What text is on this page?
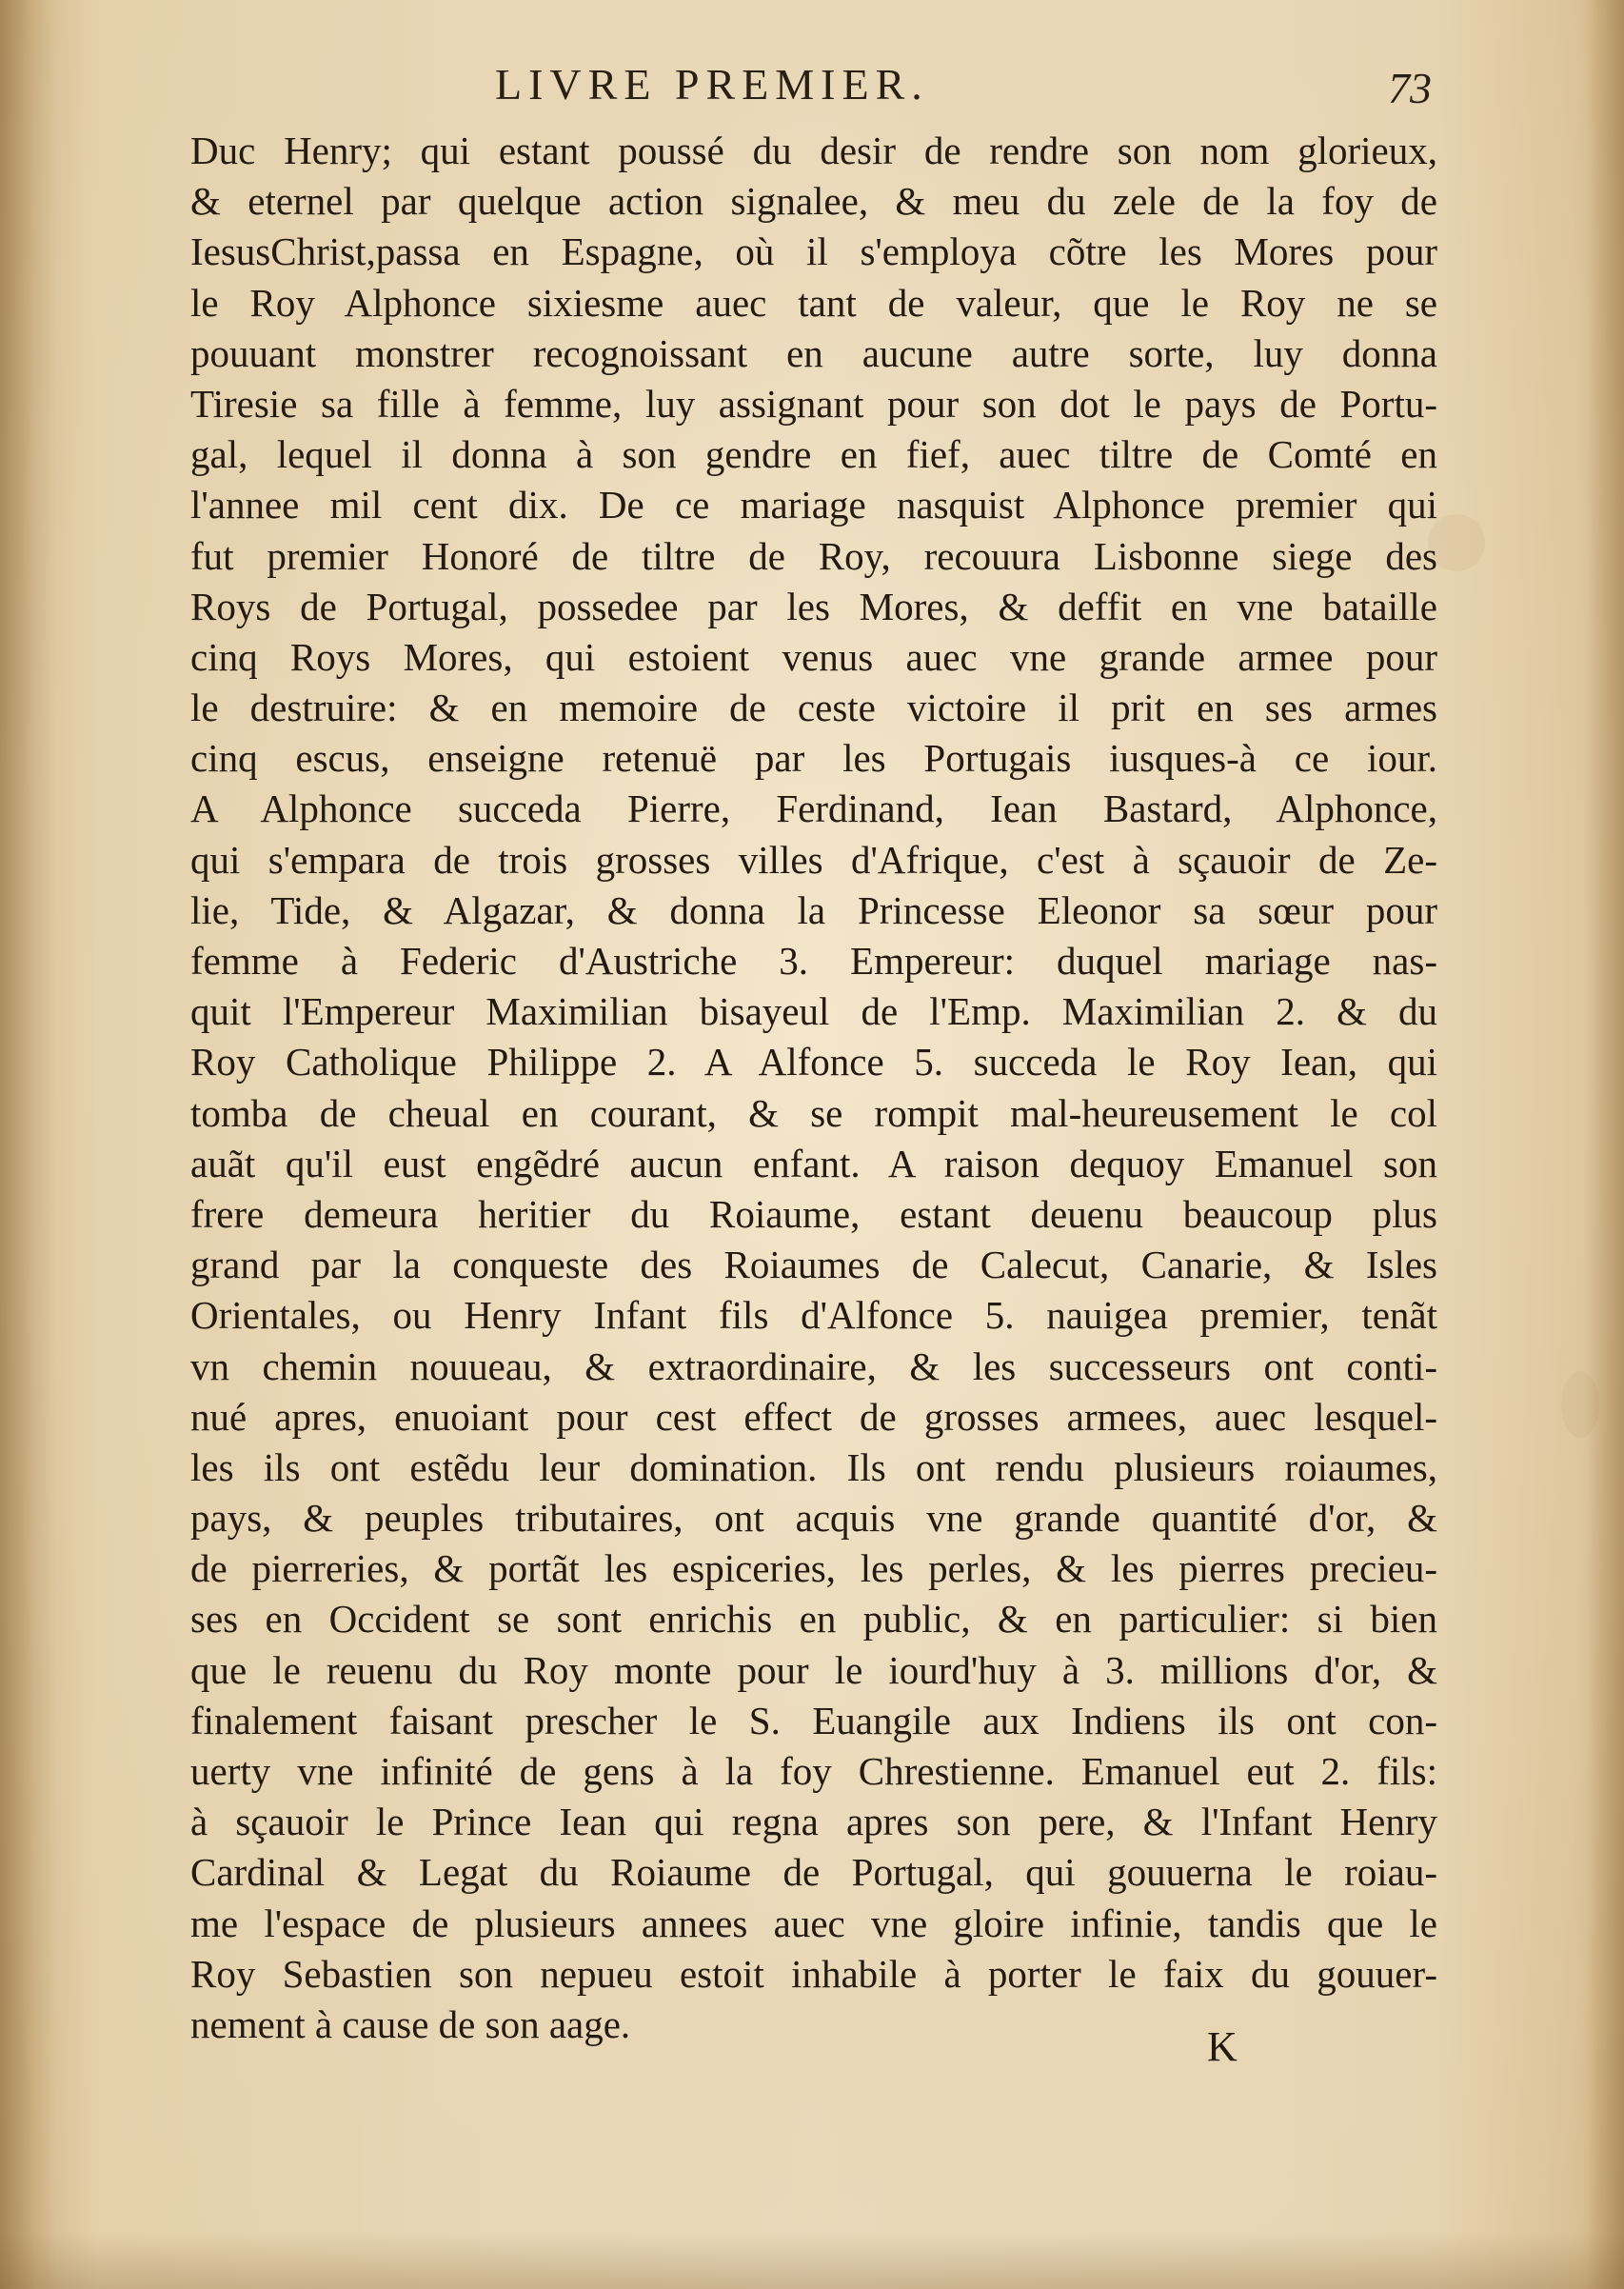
LIVRE PREMIER.	73
Duc Henry; qui estant poussé du desir de rendre son nom glorieux,
& eternel par quelque action signalee, & meu du zele de la foy de
IesusChrist,passa en Espagne, où il s'employa cõtre les Mores pour
le Roy Alphonce sixiesme auec tant de valeur, que le Roy ne se
pouuant monstrer recognoissant en aucune autre sorte, luy donna
Tiresie sa fille à femme, luy assignant pour son dot le pays de Portu-
gal, lequel il donna à son gendre en fief, auec tiltre de Comté en
l'annee mil cent dix. De ce mariage nasquist Alphonce premier qui
fut premier Honoré de tiltre de Roy, recouura Lisbonne siege des
Roys de Portugal, possedee par les Mores, & deffit en vne bataille
cinq Roys Mores, qui estoient venus auec vne grande armee pour
le destruire: & en memoire de ceste victoire il prit en ses armes
cinq escus, enseigne retenuë par les Portugais iusques-à ce iour.
A Alphonce succeda Pierre, Ferdinand, Iean Bastard, Alphonce,
qui s'empara de trois grosses villes d'Afrique, c'est à sçauoir de Ze-
lie, Tide, & Algazar, & donna la Princesse Eleonor sa sœur pour
femme à Federic d'Austriche 3. Empereur: duquel mariage nas-
quit l'Empereur Maximilian bisayeul de l'Emp. Maximilian 2. & du
Roy Catholique Philippe 2. A Alfonce 5. succeda le Roy Iean, qui
tomba de cheual en courant, & se rompit mal-heureusement le col
auãt qu'il eust engẽdré aucun enfant. A raison dequoy Emanuel son
frere demeura heritier du Roiaume, estant deuenu beaucoup plus
grand par la conqueste des Roiaumes de Calecut, Canarie, & Isles
Orientales, ou Henry Infant fils d'Alfonce 5. nauigea premier, tenãt
vn chemin nouueau, & extraordinaire, & les successeurs ont conti-
nué apres, enuoiant pour cest effect de grosses armees, auec lesquel-
les ils ont estẽdu leur domination. Ils ont rendu plusieurs roiaumes,
pays, & peuples tributaires, ont acquis vne grande quantité d'or, &
de pierreries, & portãt les espiceries, les perles, & les pierres precieu-
ses en Occident se sont enrichis en public, & en particulier: si bien
que le reuenu du Roy monte pour le iourd'huy à 3. millions d'or, &
finalement faisant prescher le S. Euangile aux Indiens ils ont con-
uerty vne infinité de gens à la foy Chrestienne. Emanuel eut 2. fils:
à sçauoir le Prince Iean qui regna apres son pere, & l'Infant Henry
Cardinal & Legat du Roiaume de Portugal, qui gouuerna le roiau-
me l'espace de plusieurs annees auec vne gloire infinie, tandis que le
Roy Sebastien son nepueu estoit inhabile à porter le faix du gouuer-
nement à cause de son aage.	K
